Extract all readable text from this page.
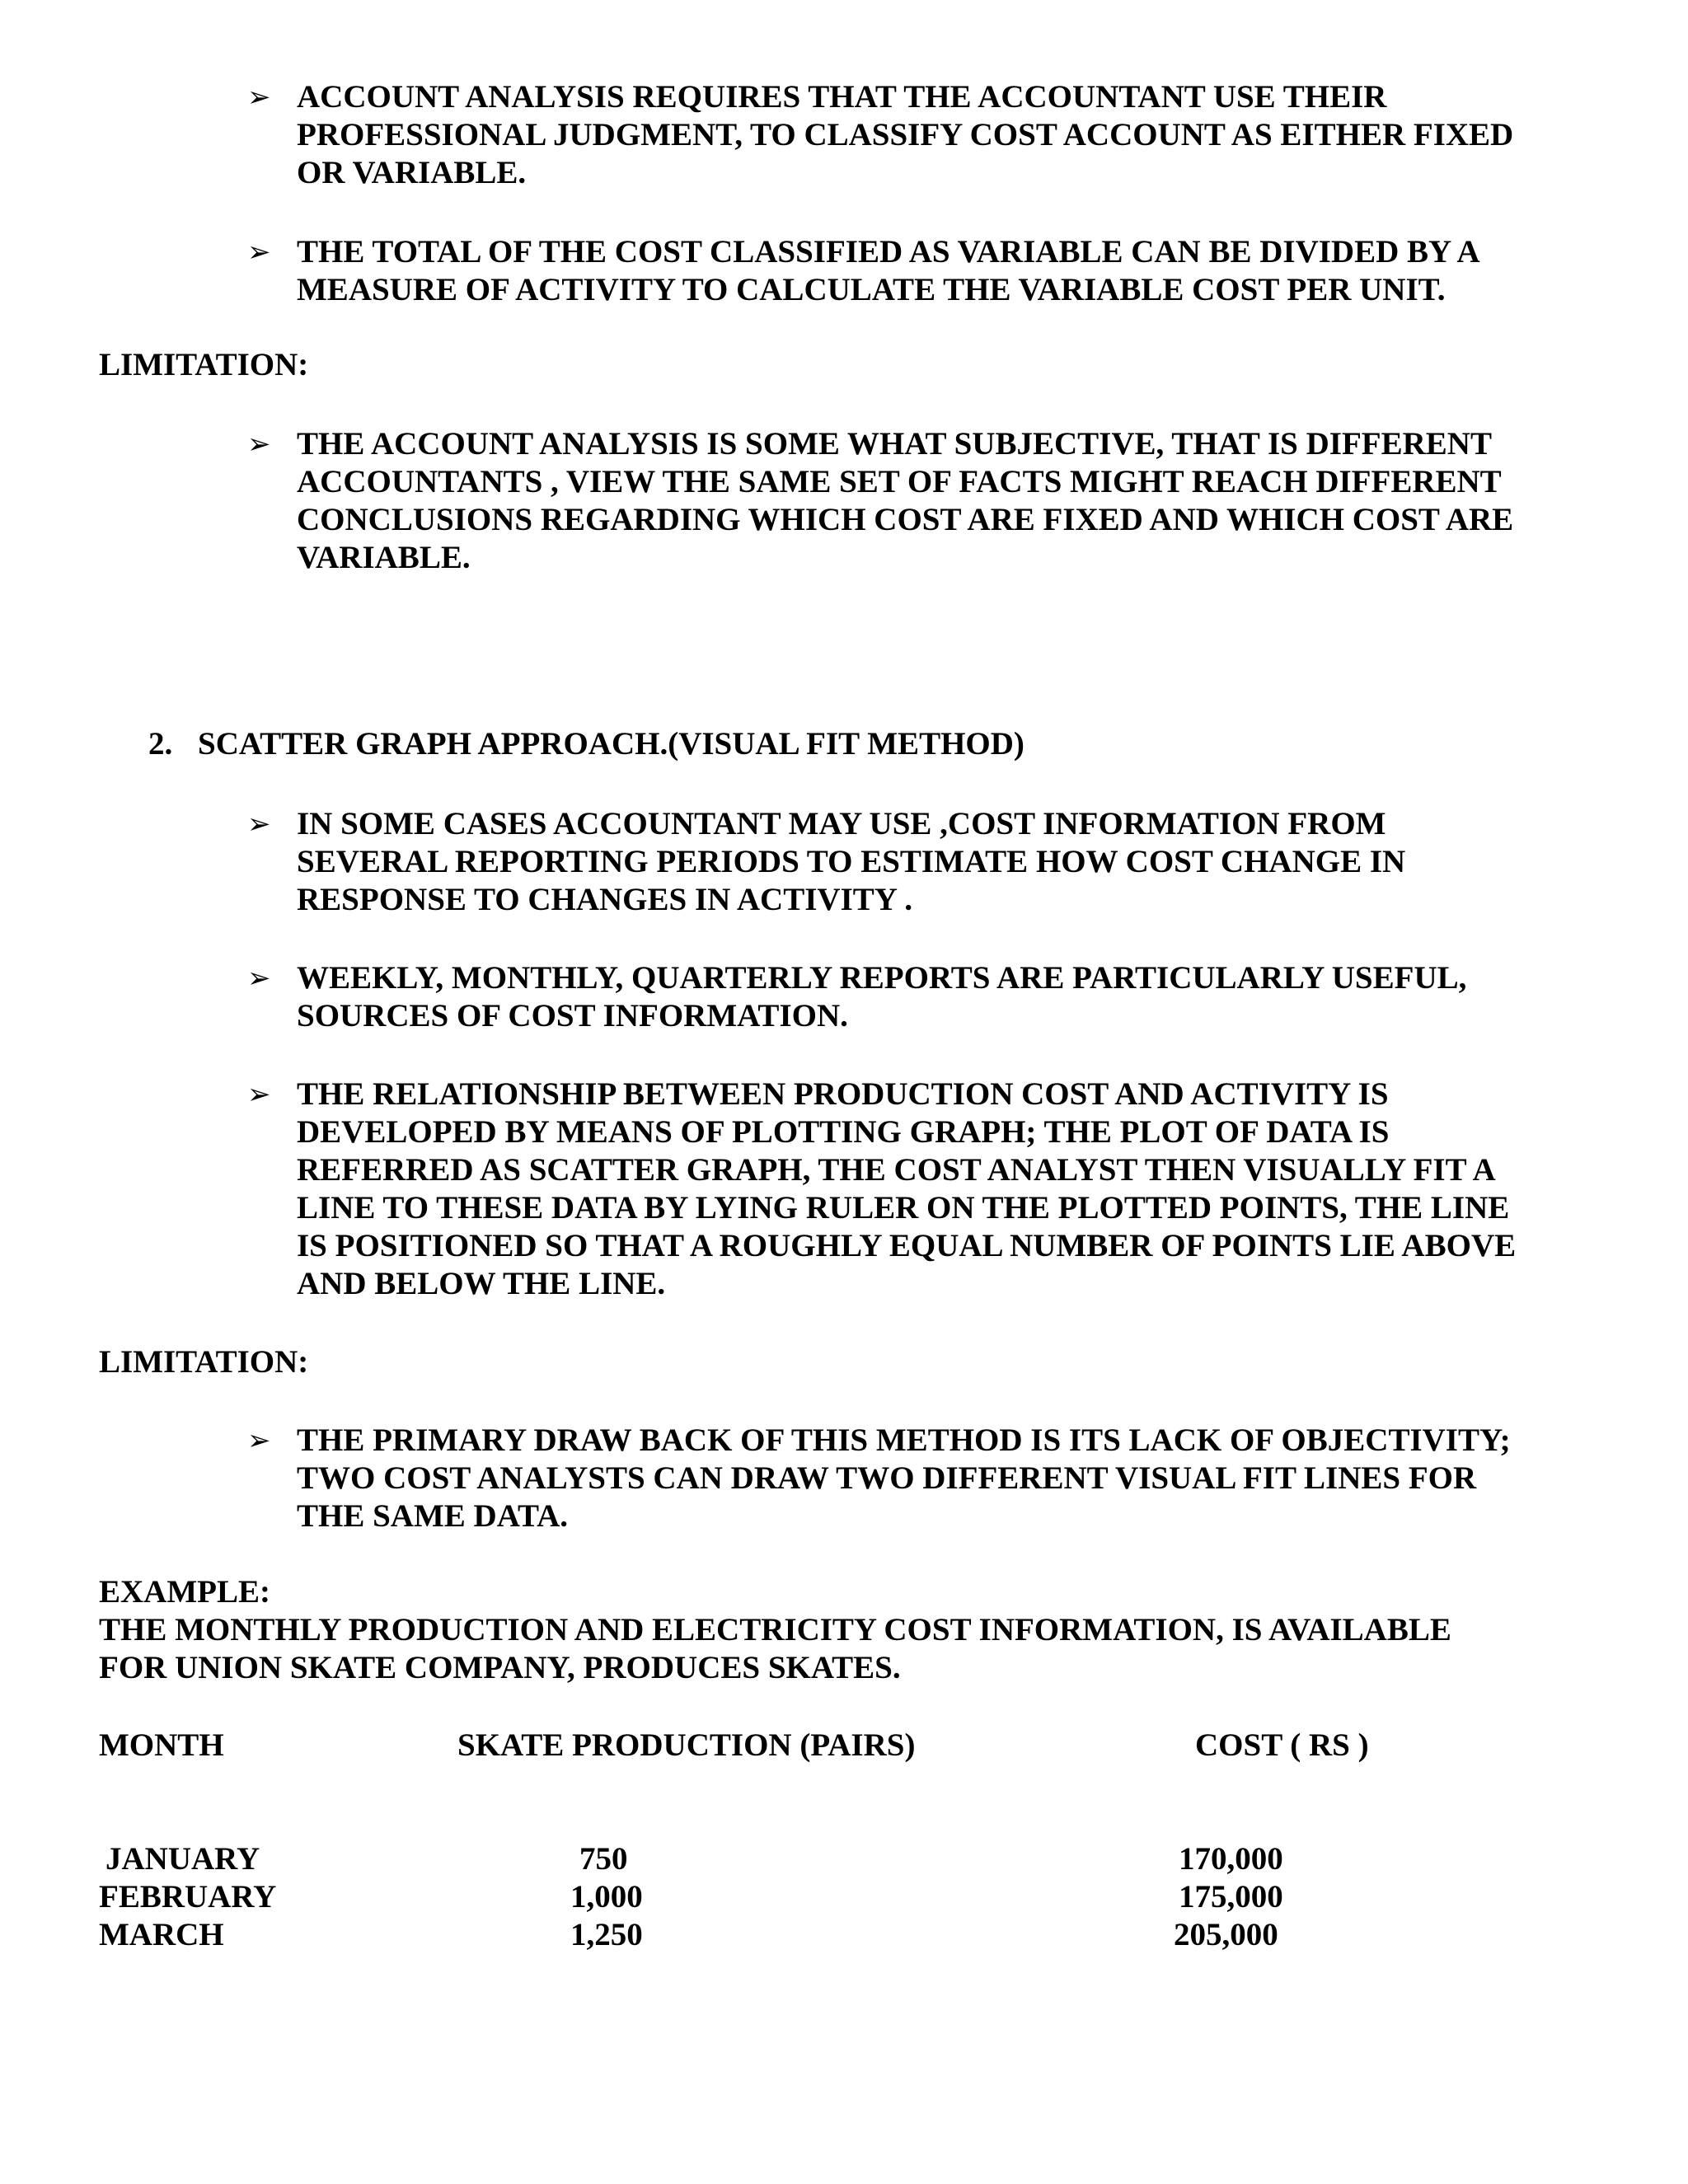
➢ ACCOUNT ANALYSIS REQUIRES THAT THE ACCOUNTANT USE THEIR
PROFESSIONAL JUDGMENT, TO CLASSIFY COST ACCOUNT AS EITHER FIXED
OR VARIABLE.
➢ THE TOTAL OF THE COST CLASSIFIED AS VARIABLE CAN BE DIVIDED BY A
MEASURE OF ACTIVITY TO CALCULATE THE VARIABLE COST PER UNIT.
LIMITATION:
➢ THE ACCOUNT ANALYSIS IS SOME WHAT SUBJECTIVE, THAT IS DIFFERENT
ACCOUNTANTS , VIEW THE SAME SET OF FACTS MIGHT REACH DIFFERENT
CONCLUSIONS REGARDING WHICH COST ARE FIXED AND WHICH COST ARE
VARIABLE.
2. SCATTER GRAPH APPROACH.(VISUAL FIT METHOD)
➢ IN SOME CASES ACCOUNTANT MAY USE ,COST INFORMATION FROM
SEVERAL REPORTING PERIODS TO ESTIMATE HOW COST CHANGE IN
RESPONSE TO CHANGES IN ACTIVITY .
➢ WEEKLY, MONTHLY, QUARTERLY REPORTS ARE PARTICULARLY USEFUL,
SOURCES OF COST INFORMATION.
➢ THE RELATIONSHIP BETWEEN PRODUCTION COST AND ACTIVITY IS
DEVELOPED BY MEANS OF PLOTTING GRAPH; THE PLOT OF DATA IS
REFERRED AS SCATTER GRAPH, THE COST ANALYST THEN VISUALLY FIT A
LINE TO THESE DATA BY LYING RULER ON THE PLOTTED POINTS, THE LINE
IS POSITIONED SO THAT A ROUGHLY EQUAL NUMBER OF POINTS LIE ABOVE
AND BELOW THE LINE.
LIMITATION:
➢ THE PRIMARY DRAW BACK OF THIS METHOD IS ITS LACK OF OBJECTIVITY;
TWO COST ANALYSTS CAN DRAW TWO DIFFERENT VISUAL FIT LINES FOR
THE SAME DATA.
EXAMPLE:
THE MONTHLY PRODUCTION AND ELECTRICITY COST INFORMATION, IS AVAILABLE
FOR UNION SKATE COMPANY, PRODUCES SKATES.
MONTH	SKATE PRODUCTION (PAIRS)	COST ( RS )
JANUARY	750	170,000
FEBRUARY	1,000	175,000
MARCH	1,250	205,000
